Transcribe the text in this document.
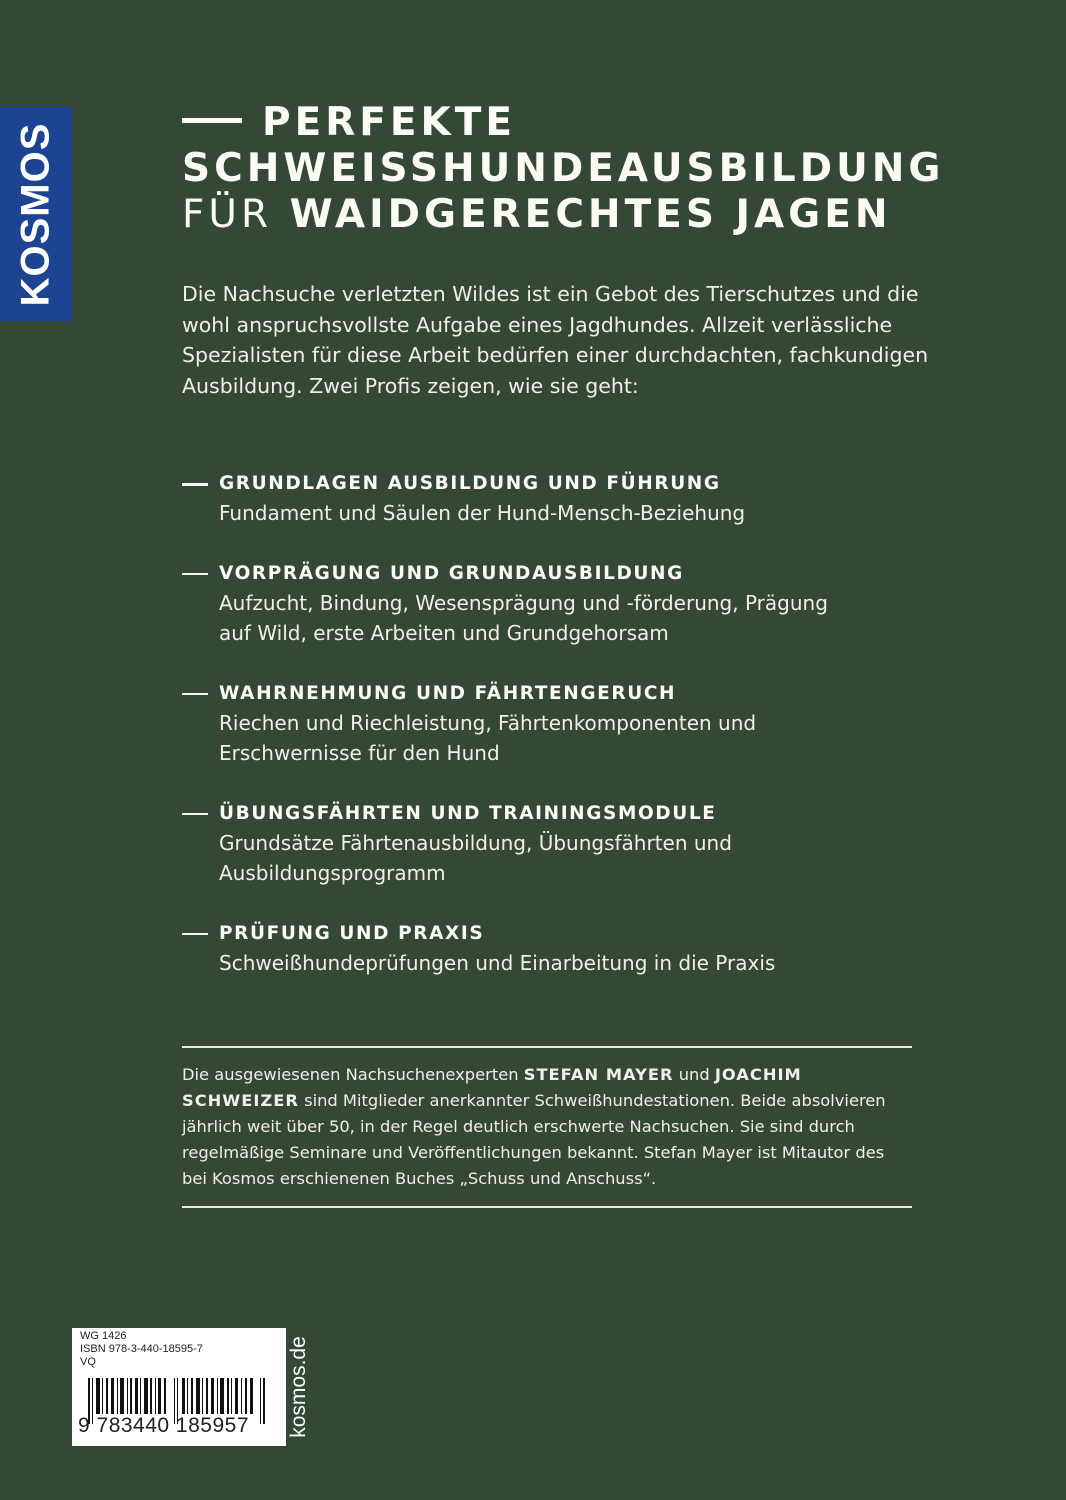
KOSMOS	PERFEKTE
SCHWEISSHUNDEAUSBILDUNG
FÜR WAIDGERECHTES JAGEN
Die Nachsuche verletzten Wildes ist ein Gebot des Tierschutzes und die wohl anspruchsvollste Aufgabe eines Jagdhundes. Allzeit verlässliche Spezialisten für diese Arbeit bedürfen einer durchdachten, fachkundigen Ausbildung. Zwei Profis zeigen, wie sie geht:
GRUNDLAGEN AUSBILDUNG UND FÜHRUNG
Fundament und Säulen der Hund-Mensch-Beziehung
VORPRÄGUNG UND GRUNDAUSBILDUNG
Aufzucht, Bindung, Wesensprägung und -förderung, Prägung auf Wild, erste Arbeiten und Grundgehorsam
WAHRNEHMUNG UND FÄHRTENGERUCH
Riechen und Riechleistung, Fährtenkomponenten und Erschwernisse für den Hund
ÜBUNGSFÄHRTEN UND TRAININGSMODULE
Grundsätze Fährtenausbildung, Übungsfährten und Ausbildungsprogramm
PRÜFUNG UND PRAXIS
Schweißhundeprüfungen und Einarbeitung in die Praxis
Die ausgewiesenen Nachsuchenexperten STEFAN MAYER und JOACHIM SCHWEIZER sind Mitglieder anerkannter Schweißhundestationen. Beide absolvieren jährlich weit über 50, in der Regel deutlich erschwerte Nachsuchen. Sie sind durch regelmäßige Seminare und Veröffentlichungen bekannt. Stefan Mayer ist Mitautor des bei Kosmos erschienenen Buches „Schuss und Anschuss“.
WG 1426
ISBN 978-3-440-18595-7
VQ
9 783440 185957 kosmos.de
